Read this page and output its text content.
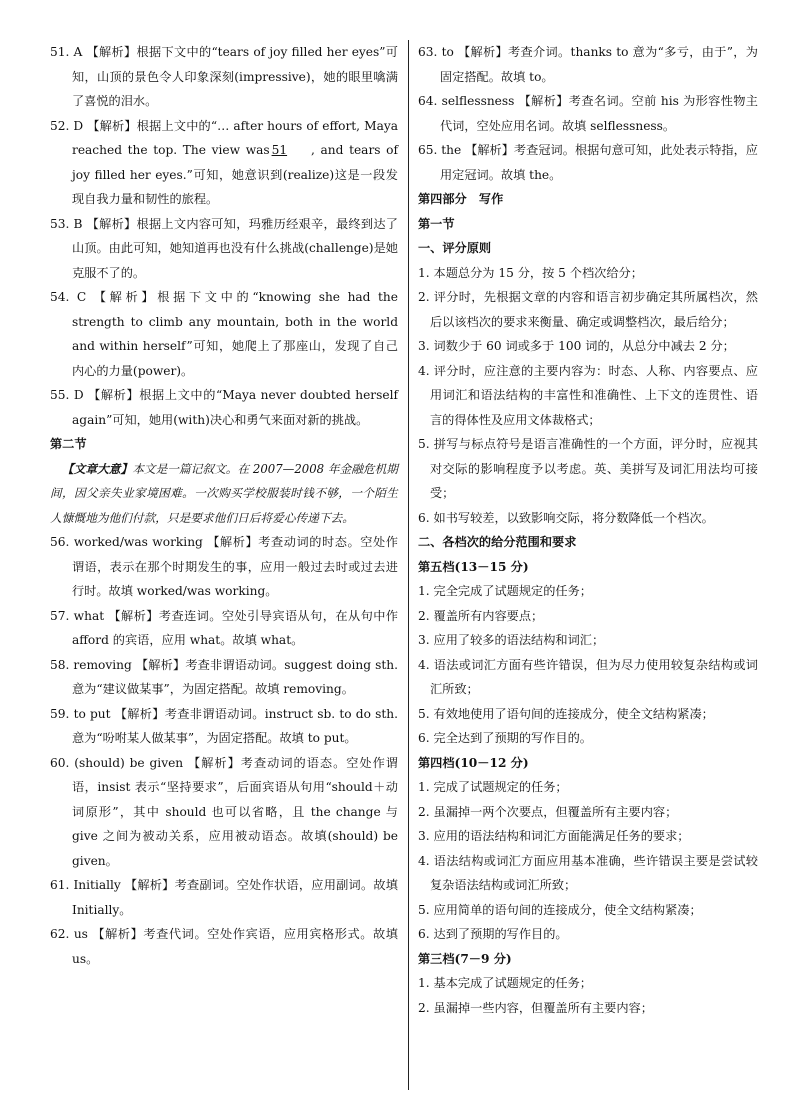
51. A 【解析】根据下文中的“tears of joy filled her eyes”可知，山顶的景色令人印象深刻(impressive)，她的眼里噙满了喜悦的泪水。

52. D 【解析】根据上文中的“… after hours of effort, Maya reached the top. The view was 51 , and tears of joy filled her eyes.”可知，她意识到(realize)这是一段发现自我力量和韧性的旅程。

53. B 【解析】根据上文内容可知，玛雅历经艰辛，最终到达了山顶。由此可知，她知道再也没有什么挑战(challenge)是她克服不了的。

54. C 【解析】根据下文中的“knowing she had the strength to climb any mountain, both in the world and within herself”可知，她爬上了那座山，发现了自己内心的力量(power)。

55. D 【解析】根据上文中的“Maya never doubted herself again”可知，她用(with)决心和勇气来面对新的挑战。

第二节

【文章大意】本文是一篇记叙文。在 2007—2008 年金融危机期间，因父亲失业家境困难。一次购买学校服装时钱不够，一个陌生人慷慨地为他们付款，只是要求他们日后将爱心传递下去。

56. worked/was working 【解析】考查动词的时态。空处作谓语，表示在那个时期发生的事，应用一般过去时或过去进行时。故填 worked/was working。

57. what 【解析】考查连词。空处引导宾语从句，在从句中作 afford 的宾语，应用 what。故填 what。

58. removing 【解析】考查非谓语动词。suggest doing sth.意为“建议做某事”，为固定搭配。故填 removing。

59. to put 【解析】考查非谓语动词。instruct sb. to do sth.意为“吩咐某人做某事”，为固定搭配。故填 to put。

60. (should) be given 【解析】考查动词的语态。空处作谓语，insist 表示“坚持要求”，后面宾语从句用“should＋动词原形”，其中 should 也可以省略，且 the change 与 give 之间为被动关系，应用被动语态。故填(should) be given。

61. Initially 【解析】考查副词。空处作状语，应用副词。故填 Initially。

62. us 【解析】考查代词。空处作宾语，应用宾格形式。故填 us。

63. to 【解析】考查介词。thanks to 意为“多亏，由于”，为固定搭配。故填 to。

64. selflessness 【解析】考查名词。空前 his 为形容性物主代词，空处应用名词。故填 selflessness。

65. the 【解析】考查冠词。根据句意可知，此处表示特指，应用定冠词。故填 the。

第四部分　写作

第一节

一、评分原则

1. 本题总分为 15 分，按 5 个档次给分；

2. 评分时，先根据文章的内容和语言初步确定其所属档次，然后以该档次的要求来衡量、确定或调整档次，最后给分；

3. 词数少于 60 词或多于 100 词的，从总分中减去 2 分；

4. 评分时，应注意的主要内容为：时态、人称、内容要点、应用词汇和语法结构的丰富性和准确性、上下文的连贯性、语言的得体性及应用文体裁格式；

5. 拼写与标点符号是语言准确性的一个方面，评分时，应视其对交际的影响程度予以考虑。英、美拼写及词汇用法均可接受；

6. 如书写较差，以致影响交际，将分数降低一个档次。

二、各档次的给分范围和要求

第五档(13－15 分)

1. 完全完成了试题规定的任务；

2. 覆盖所有内容要点；

3. 应用了较多的语法结构和词汇；

4. 语法或词汇方面有些许错误，但为尽力使用较复杂结构或词汇所致；

5. 有效地使用了语句间的连接成分，使全文结构紧凑；

6. 完全达到了预期的写作目的。

第四档(10－12 分)

1. 完成了试题规定的任务；

2. 虽漏掉一两个次要点，但覆盖所有主要内容；

3. 应用的语法结构和词汇方面能满足任务的要求；

4. 语法结构或词汇方面应用基本准确，些许错误主要是尝试较复杂语法结构或词汇所致；

5. 应用简单的语句间的连接成分，使全文结构紧凑；

6. 达到了预期的写作目的。

第三档(7－9 分)

1. 基本完成了试题规定的任务；

2. 虽漏掉一些内容，但覆盖所有主要内容；
